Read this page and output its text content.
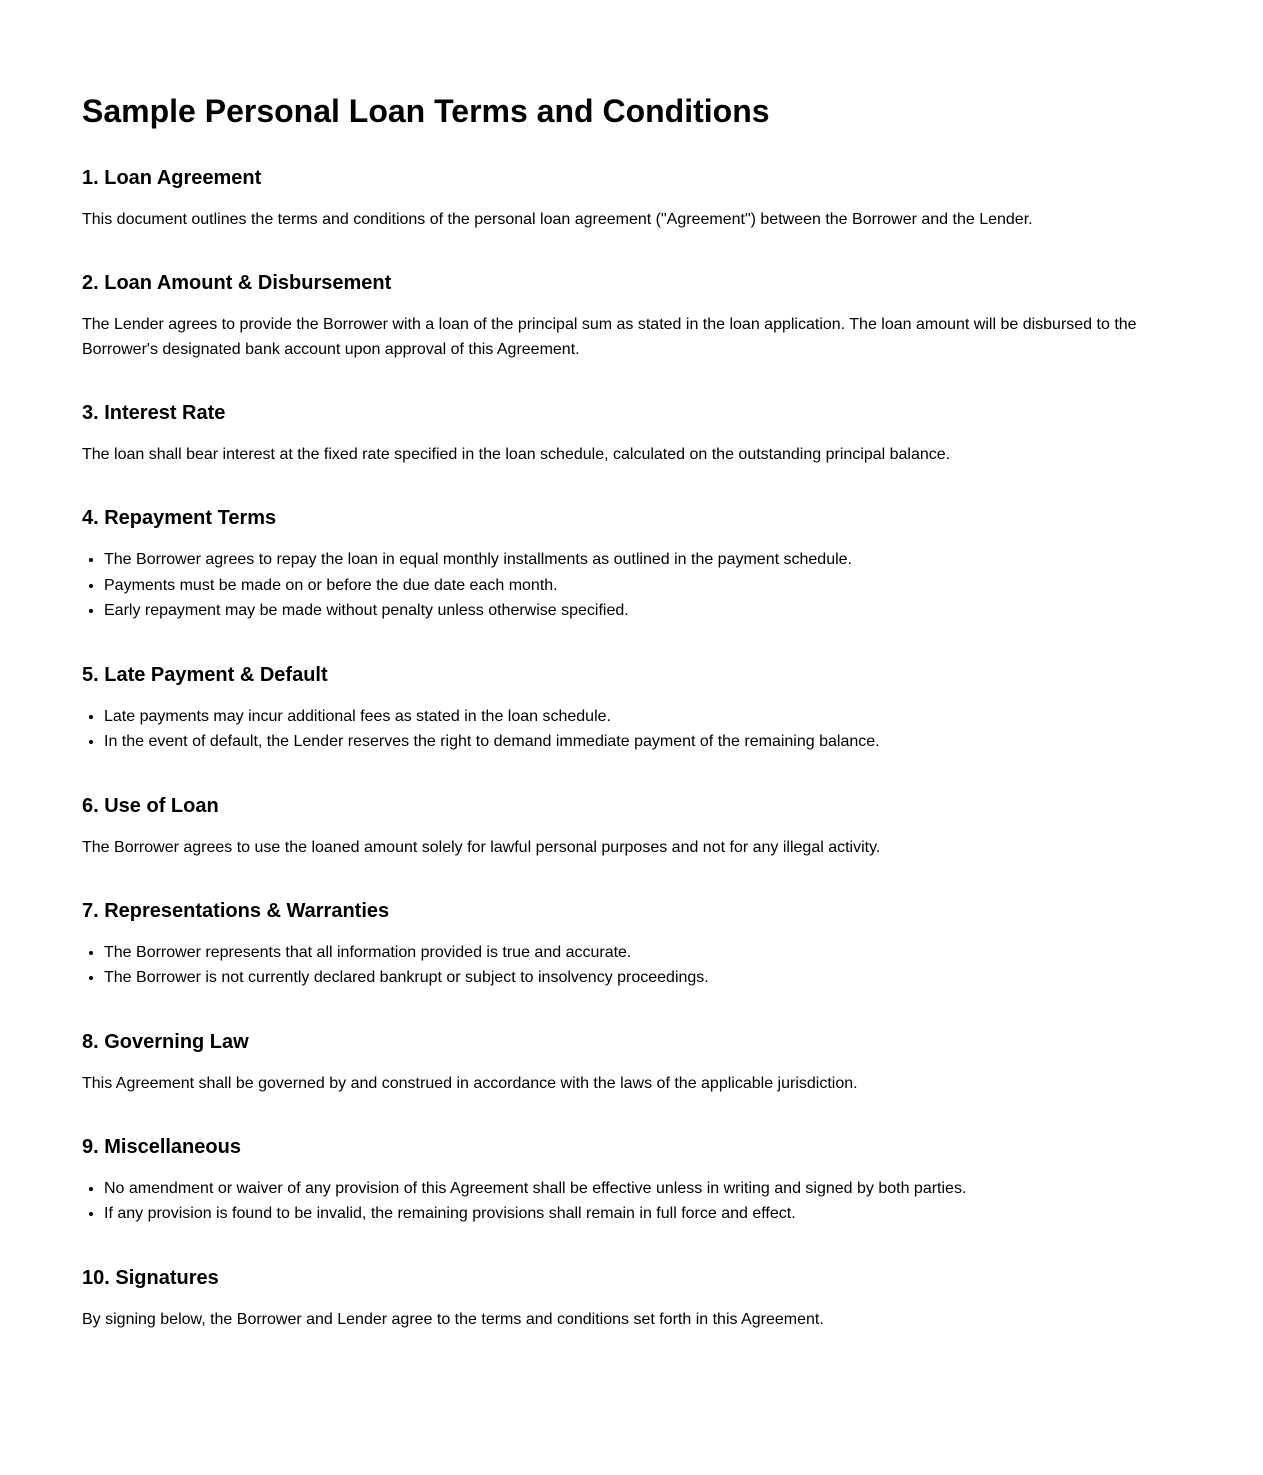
Sample Personal Loan Terms and Conditions
1. Loan Agreement

This document outlines the terms and conditions of the personal loan agreement ("Agreement") between the Borrower and the Lender.

2. Loan Amount & Disbursement

The Lender agrees to provide the Borrower with a loan of the principal sum as stated in the loan application. The loan amount will be disbursed to the Borrower's designated bank account upon approval of this Agreement.

3. Interest Rate

The loan shall bear interest at the fixed rate specified in the loan schedule, calculated on the outstanding principal balance.

4. Repayment Terms
• The Borrower agrees to repay the loan in equal monthly installments as outlined in the payment schedule.
• Payments must be made on or before the due date each month.
• Early repayment may be made without penalty unless otherwise specified.
5. Late Payment & Default
• Late payments may incur additional fees as stated in the loan schedule.
• In the event of default, the Lender reserves the right to demand immediate payment of the remaining balance.
6. Use of Loan

The Borrower agrees to use the loaned amount solely for lawful personal purposes and not for any illegal activity.

7. Representations & Warranties
• The Borrower represents that all information provided is true and accurate.
• The Borrower is not currently declared bankrupt or subject to insolvency proceedings.
8. Governing Law

This Agreement shall be governed by and construed in accordance with the laws of the applicable jurisdiction.

9. Miscellaneous
• No amendment or waiver of any provision of this Agreement shall be effective unless in writing and signed by both parties.
• If any provision is found to be invalid, the remaining provisions shall remain in full force and effect.
10. Signatures

By signing below, the Borrower and Lender agree to the terms and conditions set forth in this Agreement.
